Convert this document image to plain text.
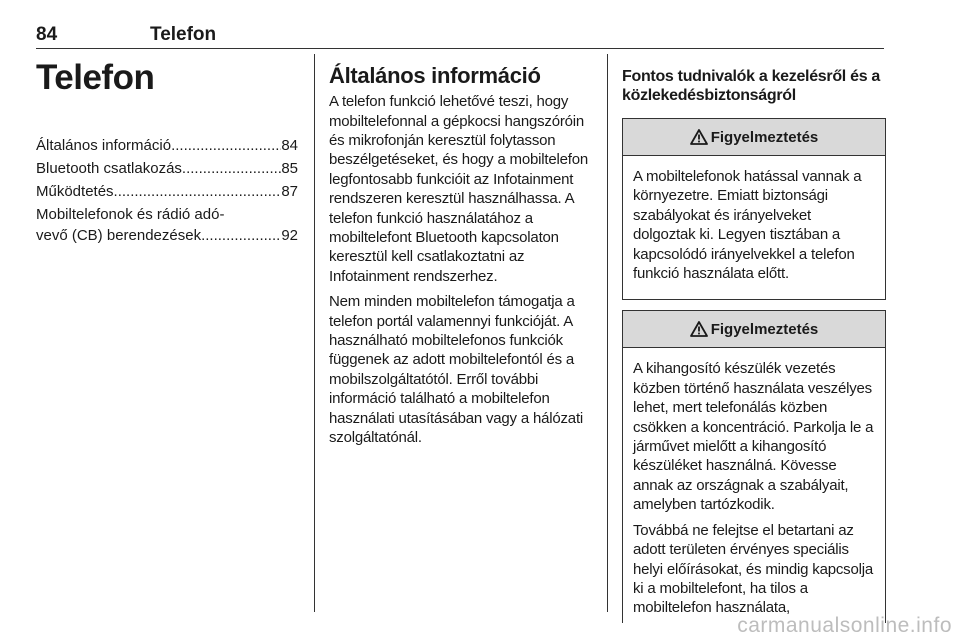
84	Telefon
Telefon
Általános információ .....	84
Bluetooth csatlakozás .....	85
Működtetés .....	87
Mobiltelefonok és rádió adó-
vevő (CB) berendezések .....	92
Általános információ

A telefon funkció lehetővé teszi, hogy mobiltelefonnal a gépkocsi hangszóróin és mikrofonján keresztül folytasson beszélgetéseket, és hogy a mobiltelefon legfontosabb funkcióit az Infotainment rendszeren keresztül használhassa. A telefon funkció használatához a mobiltelefont Bluetooth kapcsolaton keresztül kell csatlakoztatni az Infotainment rendszerhez.

Nem minden mobiltelefon támogatja a telefon portál valamennyi funkcióját. A használható mobiltelefonos funkciók függenek az adott mobiltelefontól és a mobilszolgáltatótól. Erről további információ található a mobiltelefon használati utasításában vagy a hálózati szolgáltatónál.

Fontos tudnivalók a kezelésről és a közlekedésbiztonságról
Figyelmeztetés

A mobiltelefonok hatással vannak a környezetre. Emiatt biztonsági szabályokat és irányelveket dolgoztak ki. Legyen tisztában a kapcsolódó irányelvekkel a telefon funkció használata előtt.

Figyelmeztetés

A kihangosító készülék vezetés közben történő használata veszélyes lehet, mert telefonálás közben csökken a koncentráció. Parkolja le a járművet mielőtt a kihangosító készüléket használná. Kövesse annak az országnak a szabályait, amelyben tartózkodik.

Továbbá ne felejtse el betartani az adott területen érvényes speciális helyi előírásokat, és mindig kapcsolja ki a mobiltelefont, ha tilos a mobiltelefon használata,

carmanualsonline.info
